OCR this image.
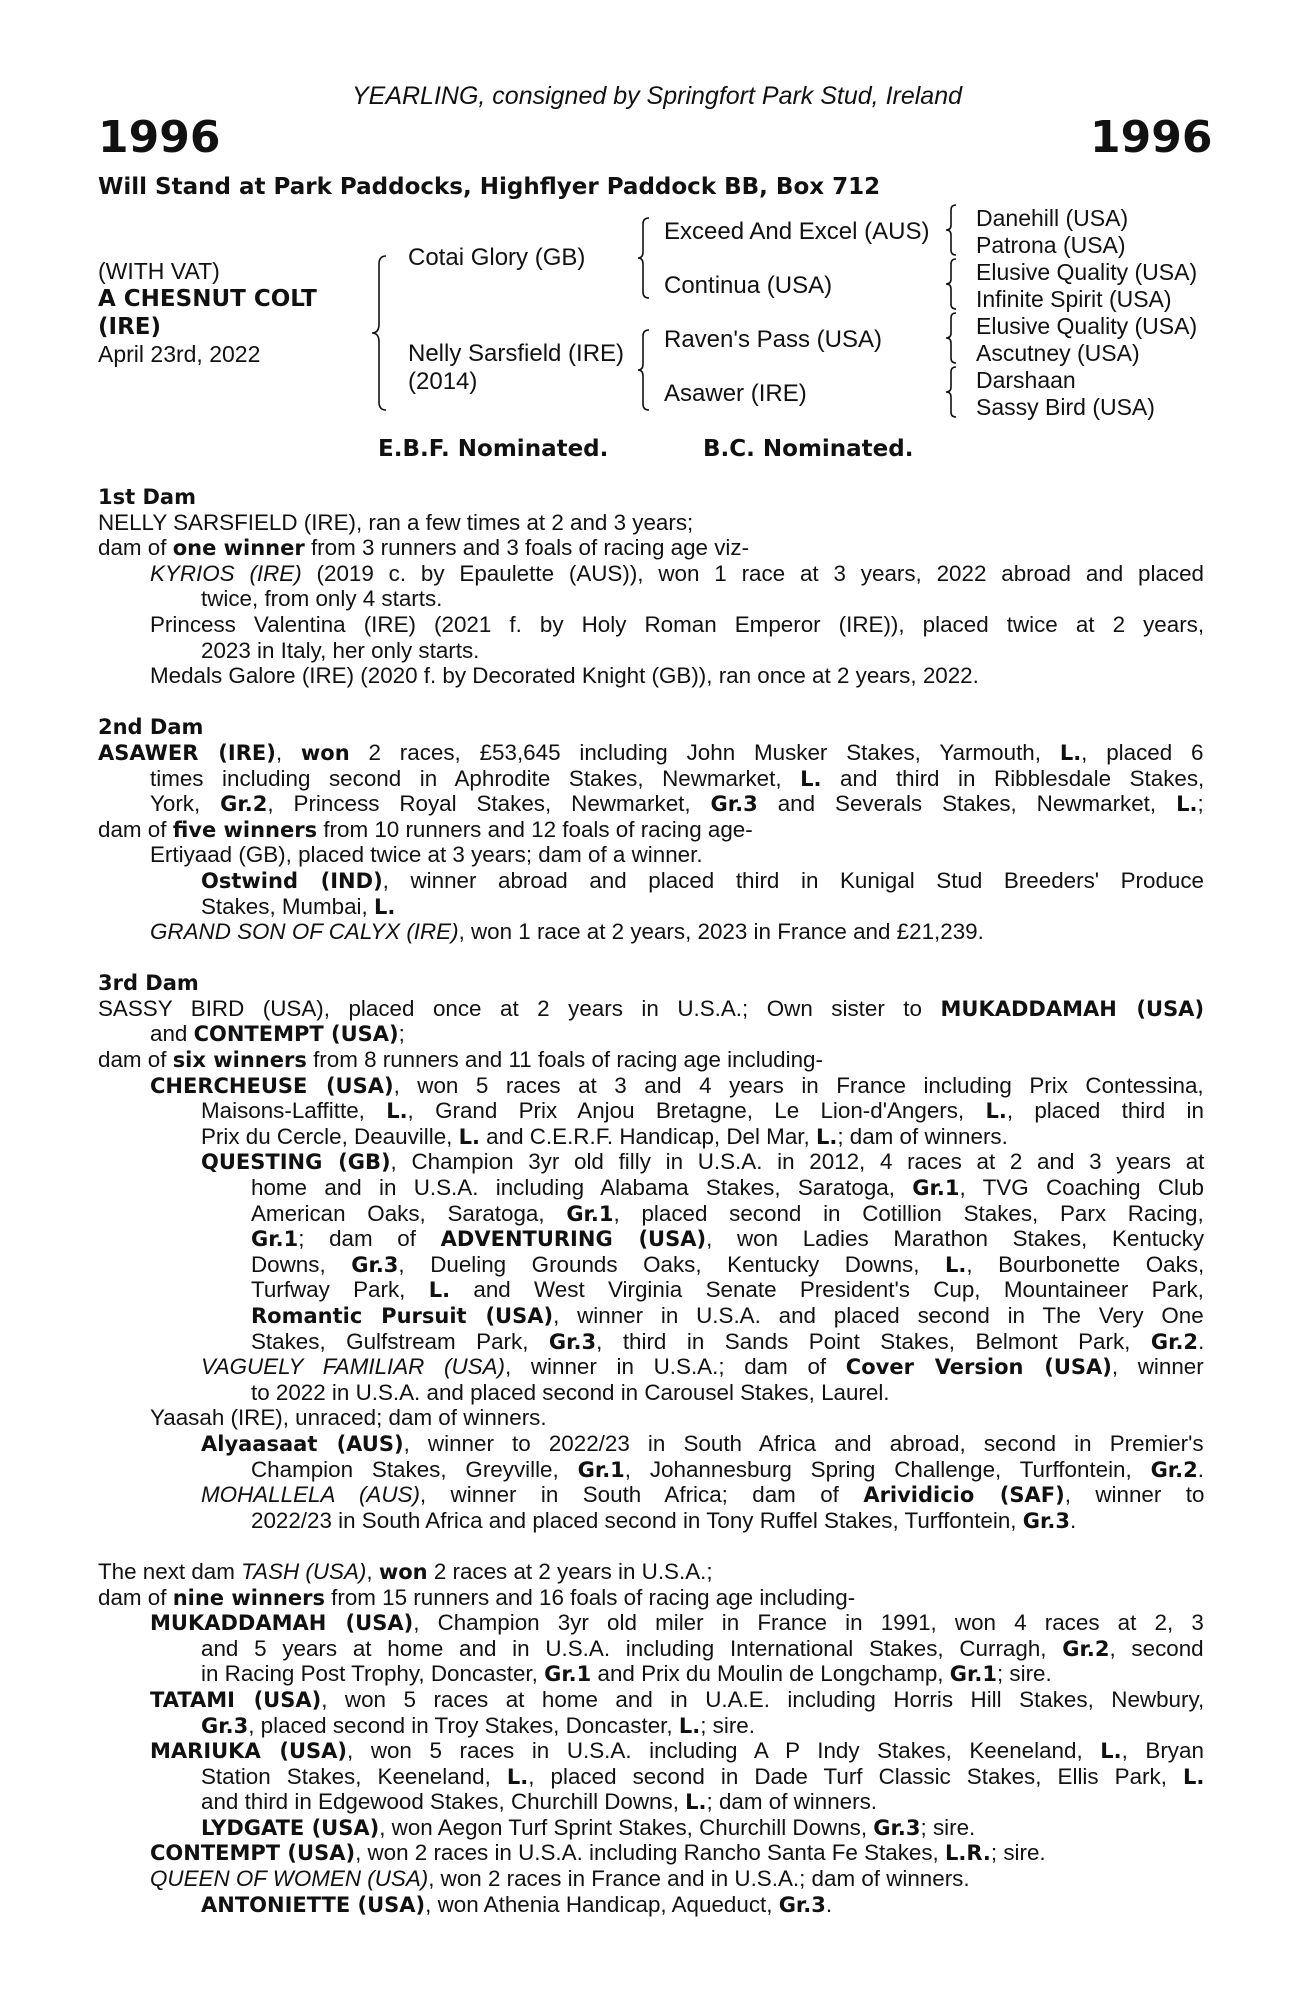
YEARLING, consigned by Springfort Park Stud, Ireland
1996	1996
Will Stand at Park Paddocks, Highflyer Paddock BB, Box 712
(WITH VAT)
A CHESNUT COLT
(IRE)
April 23rd, 2022
Cotai Glory (GB)
Nelly Sarsfield (IRE)
(2014)
Exceed And Excel (AUS)
Continua (USA)
Raven's Pass (USA)
Asawer (IRE)
Danehill (USA)
Patrona (USA)
Elusive Quality (USA)
Infinite Spirit (USA)
Elusive Quality (USA)
Ascutney (USA)
Darshaan
Sassy Bird (USA)
E.B.F. Nominated.	B.C. Nominated.
1st Dam
NELLY SARSFIELD (IRE), ran a few times at 2 and 3 years;
dam of one winner from 3 runners and 3 foals of racing age viz-
KYRIOS (IRE) (2019 c. by Epaulette (AUS)), won 1 race at 3 years, 2022 abroad and placed
twice, from only 4 starts.
Princess Valentina (IRE) (2021 f. by Holy Roman Emperor (IRE)), placed twice at 2 years,
2023 in Italy, her only starts.
Medals Galore (IRE) (2020 f. by Decorated Knight (GB)), ran once at 2 years, 2022.
2nd Dam
ASAWER (IRE), won 2 races, £53,645 including John Musker Stakes, Yarmouth, L., placed 6
times including second in Aphrodite Stakes, Newmarket, L. and third in Ribblesdale Stakes,
York, Gr.2, Princess Royal Stakes, Newmarket, Gr.3 and Severals Stakes, Newmarket, L.;
dam of five winners from 10 runners and 12 foals of racing age-
Ertiyaad (GB), placed twice at 3 years; dam of a winner.
Ostwind (IND), winner abroad and placed third in Kunigal Stud Breeders' Produce
Stakes, Mumbai, L.
GRAND SON OF CALYX (IRE), won 1 race at 2 years, 2023 in France and £21,239.
3rd Dam
SASSY BIRD (USA), placed once at 2 years in U.S.A.; Own sister to MUKADDAMAH (USA)
and CONTEMPT (USA);
dam of six winners from 8 runners and 11 foals of racing age including-
CHERCHEUSE (USA), won 5 races at 3 and 4 years in France including Prix Contessina,
Maisons-Laffitte, L., Grand Prix Anjou Bretagne, Le Lion-d'Angers, L., placed third in
Prix du Cercle, Deauville, L. and C.E.R.F. Handicap, Del Mar, L.; dam of winners.
QUESTING (GB), Champion 3yr old filly in U.S.A. in 2012, 4 races at 2 and 3 years at
home and in U.S.A. including Alabama Stakes, Saratoga, Gr.1, TVG Coaching Club
American Oaks, Saratoga, Gr.1, placed second in Cotillion Stakes, Parx Racing,
Gr.1; dam of ADVENTURING (USA), won Ladies Marathon Stakes, Kentucky
Downs, Gr.3, Dueling Grounds Oaks, Kentucky Downs, L., Bourbonette Oaks,
Turfway Park, L. and West Virginia Senate President's Cup, Mountaineer Park,
Romantic Pursuit (USA), winner in U.S.A. and placed second in The Very One
Stakes, Gulfstream Park, Gr.3, third in Sands Point Stakes, Belmont Park, Gr.2.
VAGUELY FAMILIAR (USA), winner in U.S.A.; dam of Cover Version (USA), winner
to 2022 in U.S.A. and placed second in Carousel Stakes, Laurel.
Yaasah (IRE), unraced; dam of winners.
Alyaasaat (AUS), winner to 2022/23 in South Africa and abroad, second in Premier's
Champion Stakes, Greyville, Gr.1, Johannesburg Spring Challenge, Turffontein, Gr.2.
MOHALLELA (AUS), winner in South Africa; dam of Arividicio (SAF), winner to
2022/23 in South Africa and placed second in Tony Ruffel Stakes, Turffontein, Gr.3.
The next dam TASH (USA), won 2 races at 2 years in U.S.A.;
dam of nine winners from 15 runners and 16 foals of racing age including-
MUKADDAMAH (USA), Champion 3yr old miler in France in 1991, won 4 races at 2, 3
and 5 years at home and in U.S.A. including International Stakes, Curragh, Gr.2, second
in Racing Post Trophy, Doncaster, Gr.1 and Prix du Moulin de Longchamp, Gr.1; sire.
TATAMI (USA), won 5 races at home and in U.A.E. including Horris Hill Stakes, Newbury,
Gr.3, placed second in Troy Stakes, Doncaster, L.; sire.
MARIUKA (USA), won 5 races in U.S.A. including A P Indy Stakes, Keeneland, L., Bryan
Station Stakes, Keeneland, L., placed second in Dade Turf Classic Stakes, Ellis Park, L.
and third in Edgewood Stakes, Churchill Downs, L.; dam of winners.
LYDGATE (USA), won Aegon Turf Sprint Stakes, Churchill Downs, Gr.3; sire.
CONTEMPT (USA), won 2 races in U.S.A. including Rancho Santa Fe Stakes, L.R.; sire.
QUEEN OF WOMEN (USA), won 2 races in France and in U.S.A.; dam of winners.
ANTONIETTE (USA), won Athenia Handicap, Aqueduct, Gr.3.
